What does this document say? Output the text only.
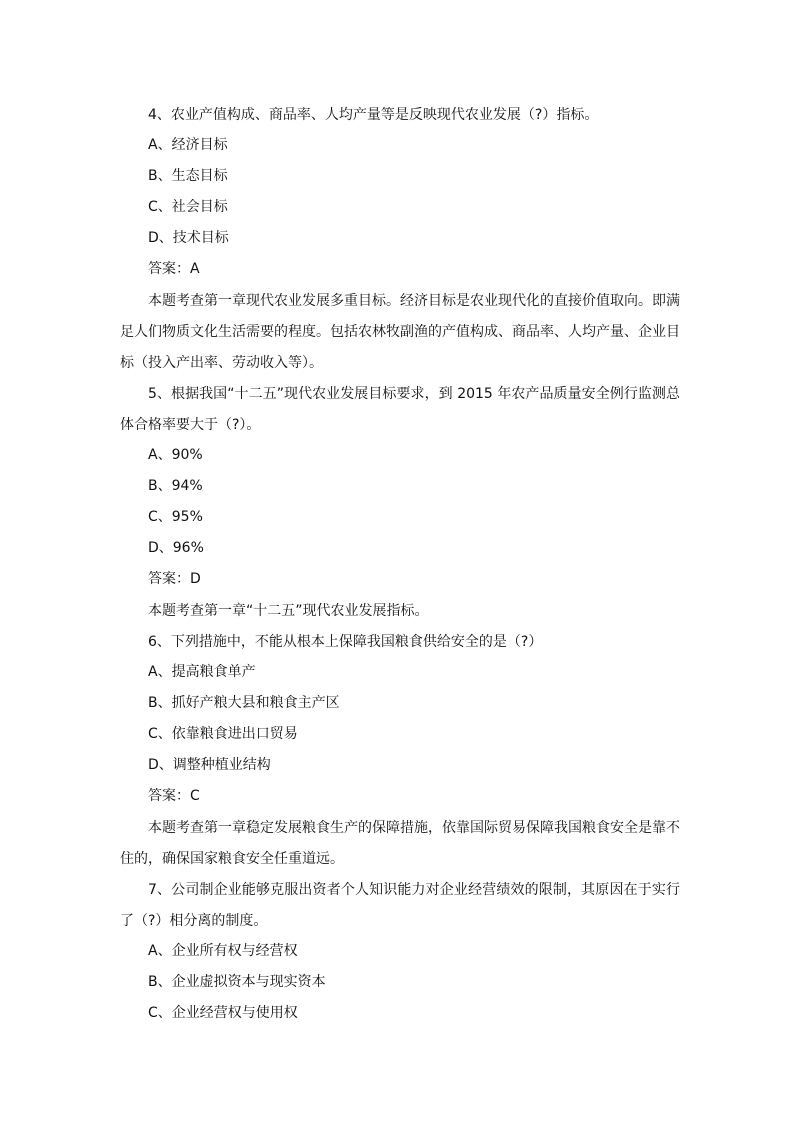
4、农业产值构成、商品率、人均产量等是反映现代农业发展（?）指标。

A、经济目标
B、生态目标
C、社会目标
D、技术目标
答案：A

本题考查第一章现代农业发展多重目标。经济目标是农业现代化的直接价值取向。即满足人们物质文化生活需要的程度。包括农林牧副渔的产值构成、商品率、人均产量、企业目标（投入产出率、劳动收入等）。

5、根据我国“十二五”现代农业发展目标要求，到 2015 年农产品质量安全例行监测总体合格率要大于（?）。

A、90%
B、94%
C、95%
D、96%
答案：D

本题考查第一章“十二五”现代农业发展指标。

6、下列措施中，不能从根本上保障我国粮食供给安全的是（?）

A、提高粮食单产
B、抓好产粮大县和粮食主产区
C、依靠粮食进出口贸易
D、调整种植业结构
答案：C

本题考查第一章稳定发展粮食生产的保障措施，依靠国际贸易保障我国粮食安全是靠不住的，确保国家粮食安全任重道远。

7、公司制企业能够克服出资者个人知识能力对企业经营绩效的限制，其原因在于实行了（?）相分离的制度。

A、企业所有权与经营权
B、企业虚拟资本与现实资本
C、企业经营权与使用权
